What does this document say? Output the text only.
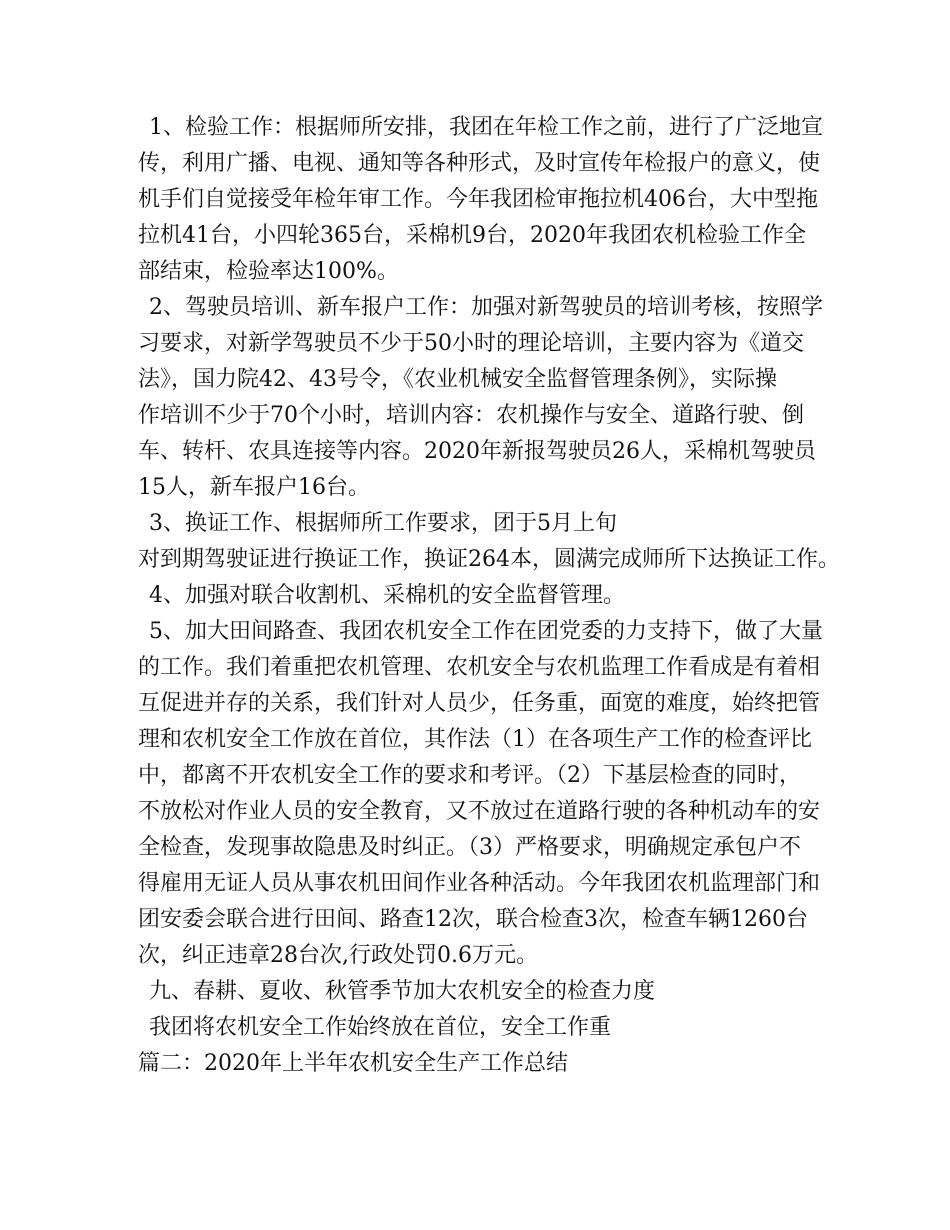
1、检验工作：根据师所安排，我团在年检工作之前，进行了广泛地宣
传，利用广播、电视、通知等各种形式，及时宣传年检报户的意义，使
机手们自觉接受年检年审工作。今年我团检审拖拉机406台，大中型拖
拉机41台，小四轮365台，采棉机9台，2020年我团农机检验工作全
部结束，检验率达100%。
2、驾驶员培训、新车报户工作：加强对新驾驶员的培训考核，按照学
习要求，对新学驾驶员不少于50小时的理论培训，主要内容为《道交
法》，国力院42、43号令，《农业机械安全监督管理条例》，实际操
作培训不少于70个小时，培训内容：农机操作与安全、道路行驶、倒
车、转杆、农具连接等内容。2020年新报驾驶员26人，采棉机驾驶员
15人，新车报户16台。
3、换证工作、根据师所工作要求，团于5月上旬
对到期驾驶证进行换证工作，换证264本，圆满完成师所下达换证工作。
4、加强对联合收割机、采棉机的安全监督管理。
5、加大田间路查、我团农机安全工作在团党委的力支持下，做了大量
的工作。我们着重把农机管理、农机安全与农机监理工作看成是有着相
互促进并存的关系，我们针对人员少，任务重，面宽的难度，始终把管
理和农机安全工作放在首位，其作法（1）在各项生产工作的检查评比
中，都离不开农机安全工作的要求和考评。（2）下基层检查的同时，
不放松对作业人员的安全教育，又不放过在道路行驶的各种机动车的安
全检查，发现事故隐患及时纠正。（3）严格要求，明确规定承包户不
得雇用无证人员从事农机田间作业各种活动。今年我团农机监理部门和
团安委会联合进行田间、路查12次，联合检查3次，检查车辆1260台
次，纠正违章28台次,行政处罚0.6万元。
九、春耕、夏收、秋管季节加大农机安全的检查力度
我团将农机安全工作始终放在首位，安全工作重
篇二：2020年上半年农机安全生产工作总结
